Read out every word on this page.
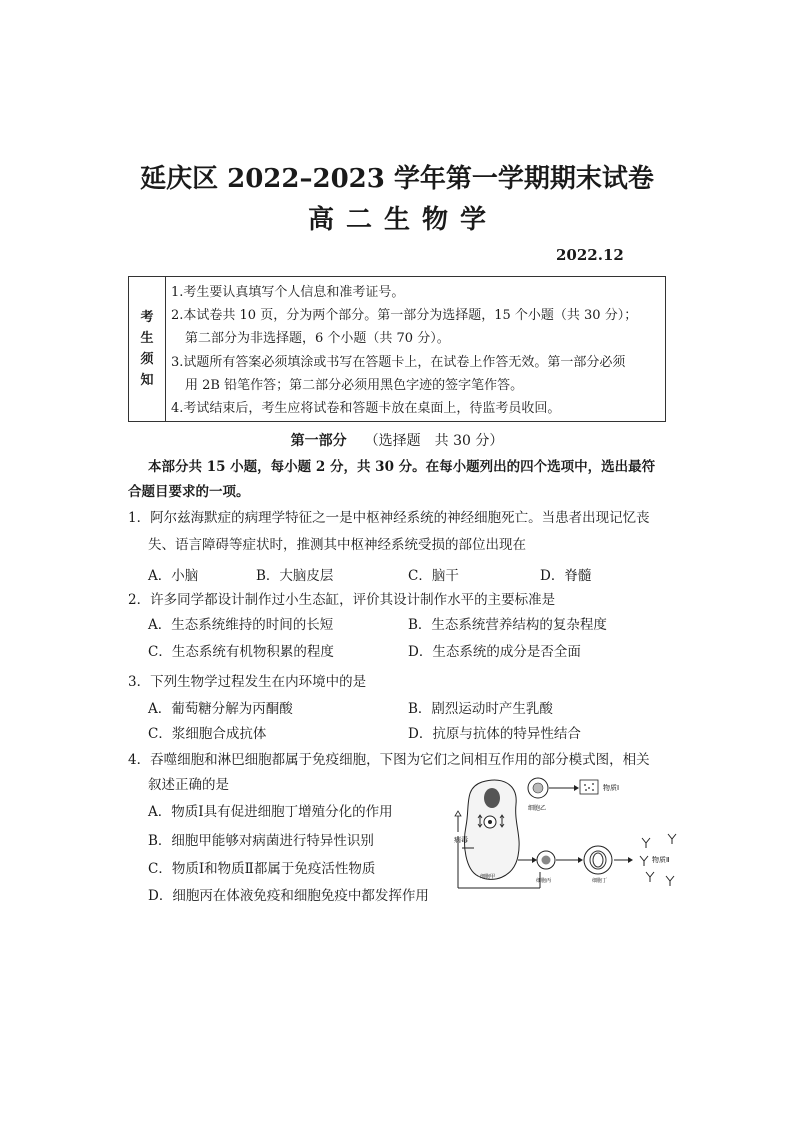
延庆区 2022–2023 学年第一学期期末试卷
高二生物学
2022.12
考
生
须
知
1.考生要认真填写个人信息和准考证号。
2.本试卷共 10 页，分为两个部分。第一部分为选择题，15 个小题（共 30 分）；
第二部分为非选择题，6 个小题（共 70 分）。
3.试题所有答案必须填涂或书写在答题卡上，在试卷上作答无效。第一部分必须
用 2B 铅笔作答；第二部分必须用黑色字迹的签字笔作答。
4.考试结束后，考生应将试卷和答题卡放在桌面上，待监考员收回。
第一部分 （选择题　共 30 分）
本部分共 15 小题，每小题 2 分，共 30 分。在每小题列出的四个选项中，选出最符
合题目要求的一项。
1．阿尔兹海默症的病理学特征之一是中枢神经系统的神经细胞死亡。当患者出现记忆丧
失、语言障碍等症状时，推测其中枢神经系统受损的部位出现在
A．小脑	B．大脑皮层	C．脑干	D．脊髓
2．许多同学都设计制作过小生态缸，评价其设计制作水平的主要标准是
A．生态系统维持的时间的长短	B．生态系统营养结构的复杂程度
C．生态系统有机物积累的程度	D．生态系统的成分是否全面
3．下列生物学过程发生在内环境中的是
A．葡萄糖分解为丙酮酸	B．剧烈运动时产生乳酸
C．浆细胞合成抗体	D．抗原与抗体的特异性结合
4．吞噬细胞和淋巴细胞都属于免疫细胞，下图为它们之间相互作用的部分模式图，相关
叙述正确的是
A．物质Ⅰ具有促进细胞丁增殖分化的作用
B．细胞甲能够对病菌进行特异性识别
C．物质Ⅰ和物质Ⅱ都属于免疫活性物质
D．细胞丙在体液免疫和细胞免疫中都发挥作用
细胞乙
物质Ⅰ
病毒
细胞甲
细胞丙	细胞丁
物质Ⅱ
